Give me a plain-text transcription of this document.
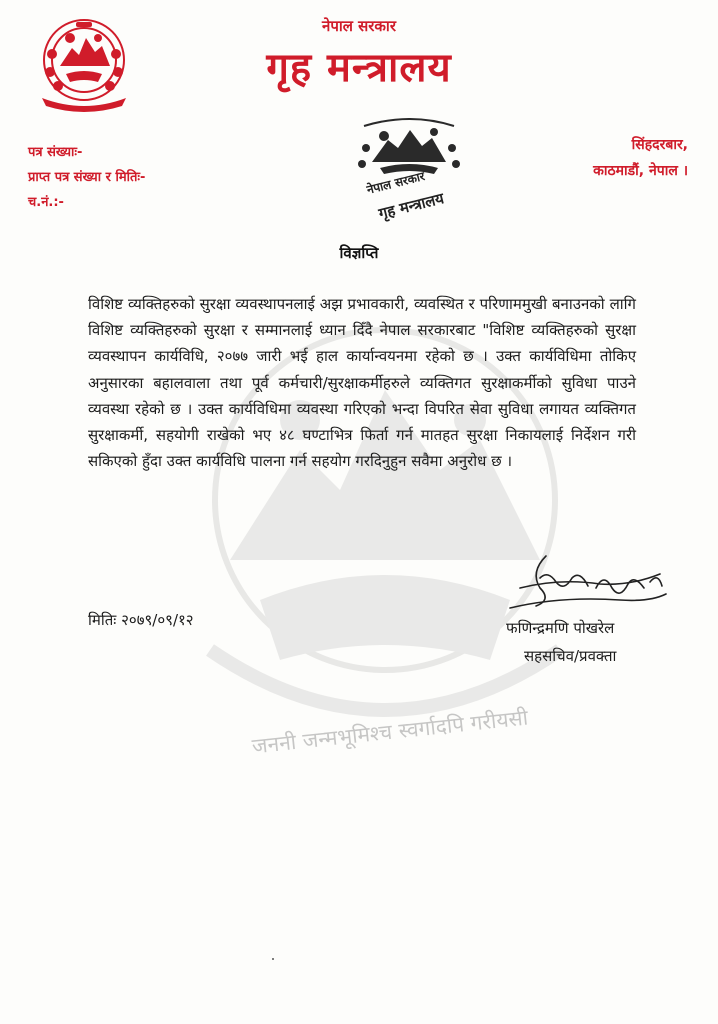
जननी जन्मभूमिश्च स्वर्गादपि गरीयसी
नेपाल सरकार
गृह मन्त्रालय
पत्र संख्याः-
प्राप्त पत्र संख्या र मितिः-
च.नं.:-
सिंहदरबार,
काठमाडौं, नेपाल ।
नेपाल सरकार
गृह मन्त्रालय
विज्ञप्ति
विशिष्ट व्यक्तिहरुको सुरक्षा व्यवस्थापनलाई अझ प्रभावकारी, व्यवस्थित र परिणाममुखी बनाउनको लागि विशिष्ट व्यक्तिहरुको सुरक्षा र सम्मानलाई ध्यान दिँदै नेपाल सरकारबाट "विशिष्ट व्यक्तिहरुको सुरक्षा व्यवस्थापन कार्यविधि, २०७७ जारी भई हाल कार्यान्वयनमा रहेको छ । उक्त कार्यविधिमा तोकिए अनुसारका बहालवाला तथा पूर्व कर्मचारी/सुरक्षाकर्मीहरुले व्यक्तिगत सुरक्षाकर्मीको सुविधा पाउने व्यवस्था रहेको छ । उक्त कार्यविधिमा व्यवस्था गरिएको भन्दा विपरित सेवा सुविधा लगायत व्यक्तिगत सुरक्षाकर्मी, सहयोगी राखेको भए ४८ घण्टाभित्र फिर्ता गर्न मातहत सुरक्षा निकायलाई निर्देशन गरी सकिएको हुँदा उक्त कार्यविधि पालना गर्न सहयोग गरदिनुहुन सवैमा अनुरोध छ ।
मितिः २०७९/०९/१२	फणिन्द्रमणि पोखरेल
सहसचिव/प्रवक्ता
